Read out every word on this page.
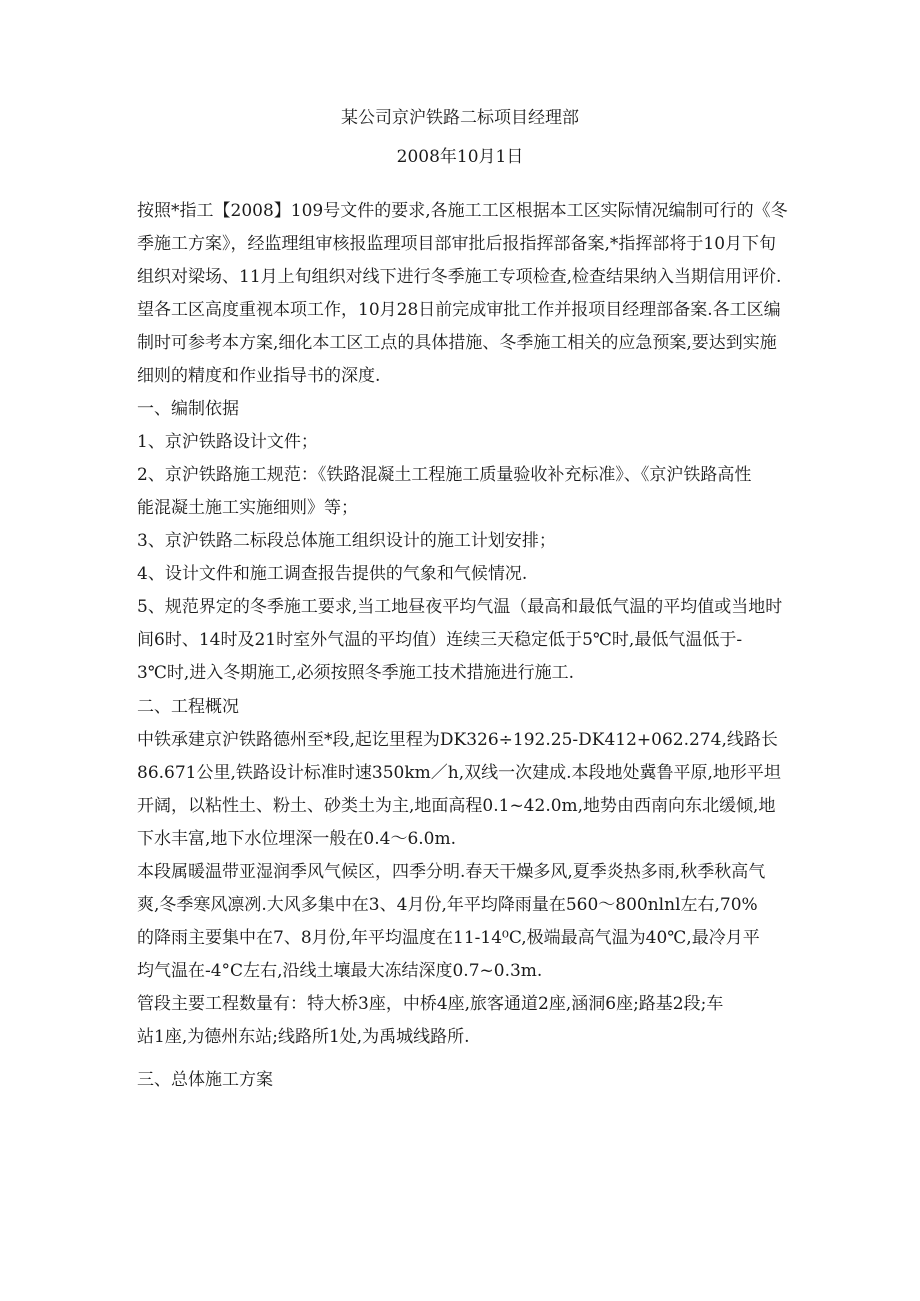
某公司京沪铁路二标项目经理部
2008年10月1日
按照*指工【2008】109号文件的要求,各施工工区根据本工区实际情况编制可行的《冬
季施工方案》，经监理组审核报监理项目部审批后报指挥部备案,*指挥部将于10月下旬
组织对梁场、11月上旬组织对线下进行冬季施工专项检查,检查结果纳入当期信用评价.
望各工区高度重视本项工作，10月28日前完成审批工作并报项目经理部备案.各工区编
制时可参考本方案,细化本工区工点的具体措施、冬季施工相关的应急预案,要达到实施
细则的精度和作业指导书的深度.
一、编制依据
1、京沪铁路设计文件；
2、京沪铁路施工规范：《铁路混凝土工程施工质量验收补充标准》、《京沪铁路高性
能混凝土施工实施细则》等；
3、京沪铁路二标段总体施工组织设计的施工计划安排；
4、设计文件和施工调查报告提供的气象和气候情况.
5、规范界定的冬季施工要求,当工地昼夜平均气温（最高和最低气温的平均值或当地时
间6时、14时及21时室外气温的平均值）连续三天稳定低于5℃时,最低气温低于-
3℃时,进入冬期施工,必须按照冬季施工技术措施进行施工.
二、工程概况
中铁承建京沪铁路德州至*段,起讫里程为DK326÷192.25-DK412+062.274,线路长
86.671公里,铁路设计标准时速350km／h,双线一次建成.本段地处冀鲁平原,地形平坦
开阔，以粘性土、粉土、砂类土为主,地面高程0.1~42.0m,地势由西南向东北缓倾,地
下水丰富,地下水位埋深一般在0.4～6.0m.
本段属暖温带亚湿润季风气候区，四季分明.春天干燥多风,夏季炎热多雨,秋季秋高气
爽,冬季寒风凛冽.大风多集中在3、4月份,年平均降雨量在560～800nlnl左右,70%
的降雨主要集中在7、8月份,年平均温度在11-14⁰C,极端最高气温为40℃,最冷月平
均气温在-4°C左右,沿线土壤最大冻结深度0.7~0.3m.
管段主要工程数量有：特大桥3座，中桥4座,旅客通道2座,涵洞6座;路基2段;车
站1座,为德州东站;线路所1处,为禹城线路所.
三、总体施工方案
